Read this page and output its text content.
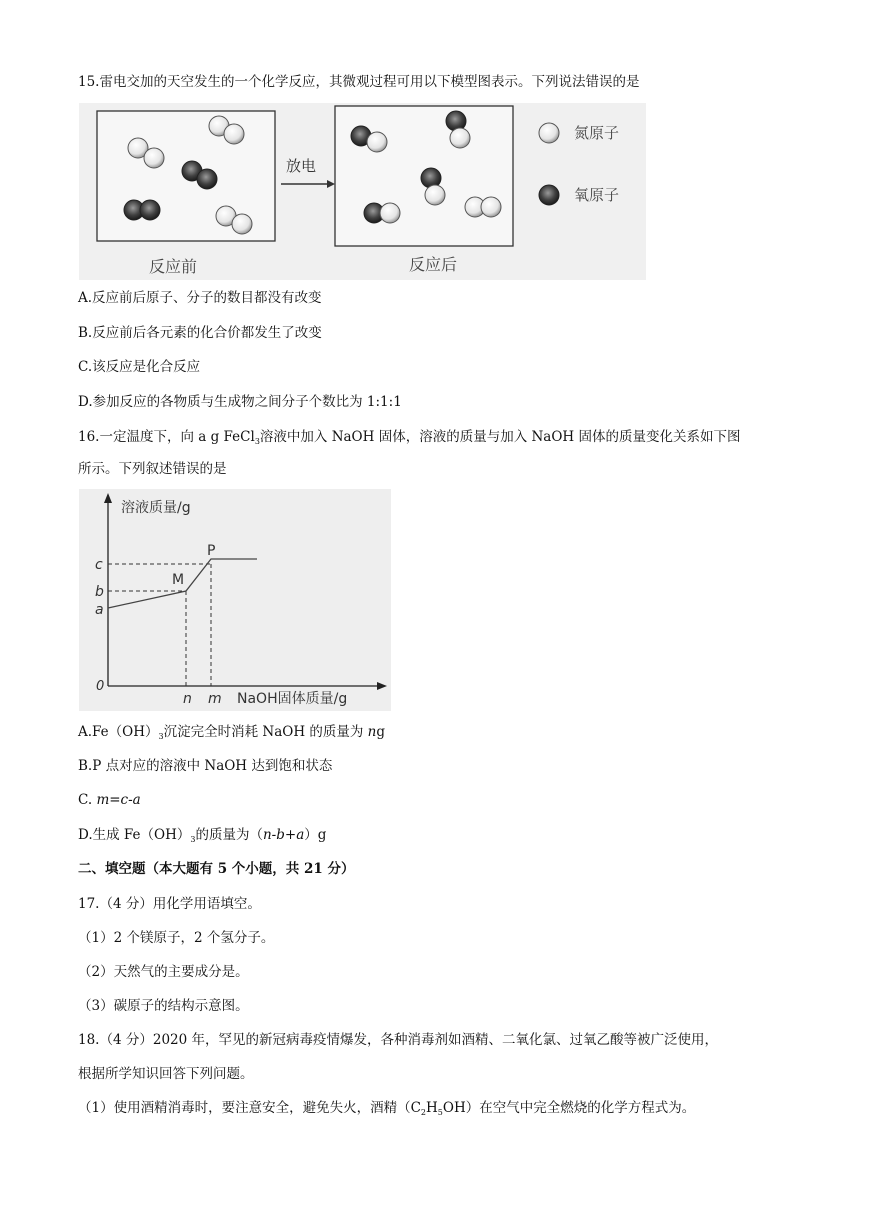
15.雷电交加的天空发生的一个化学反应，其微观过程可用以下模型图表示。下列说法错误的是
放电
反应前	反应后
氮原子
氧原子
A.反应前后原子、分子的数目都没有改变
B.反应前后各元素的化合价都发生了改变
C.该反应是化合反应
D.参加反应的各物质与生成物之间分子个数比为 1:1:1
16.一定温度下，向 a g FeCl$_3$溶液中加入 NaOH 固体，溶液的质量与加入 NaOH 固体的质量变化关系如下图
所示。下列叙述错误的是
溶液质量/g
NaOH固体质量/g
0
a
b
c
n m
M
P
$A.Fe(OH)_3$沉淀完全时消耗 NaOH 的质量为 ng
B.P 点对应的溶液中 NaOH 达到饱和状态
C. m=c-a
D.生成 $Fe(OH)_3$的质量为（n-b+a）g
二、填空题（本大题有 5 个小题，共 21 分）
17.（4 分）用化学用语填空。
（1）2 个镁原子，2 个氢分子。
（2）天然气的主要成分是。
（3）碳原子的结构示意图。
18.（4 分）2020 年，罕见的新冠病毒疫情爆发，各种消毒剂如酒精、二氧化氯、过氧乙酸等被广泛使用，
根据所学知识回答下列问题。
（1）使用酒精消毒时，要注意安全，避免失火，酒精$(C_2H_5OH)$在空气中完全燃烧的化学方程式为。
